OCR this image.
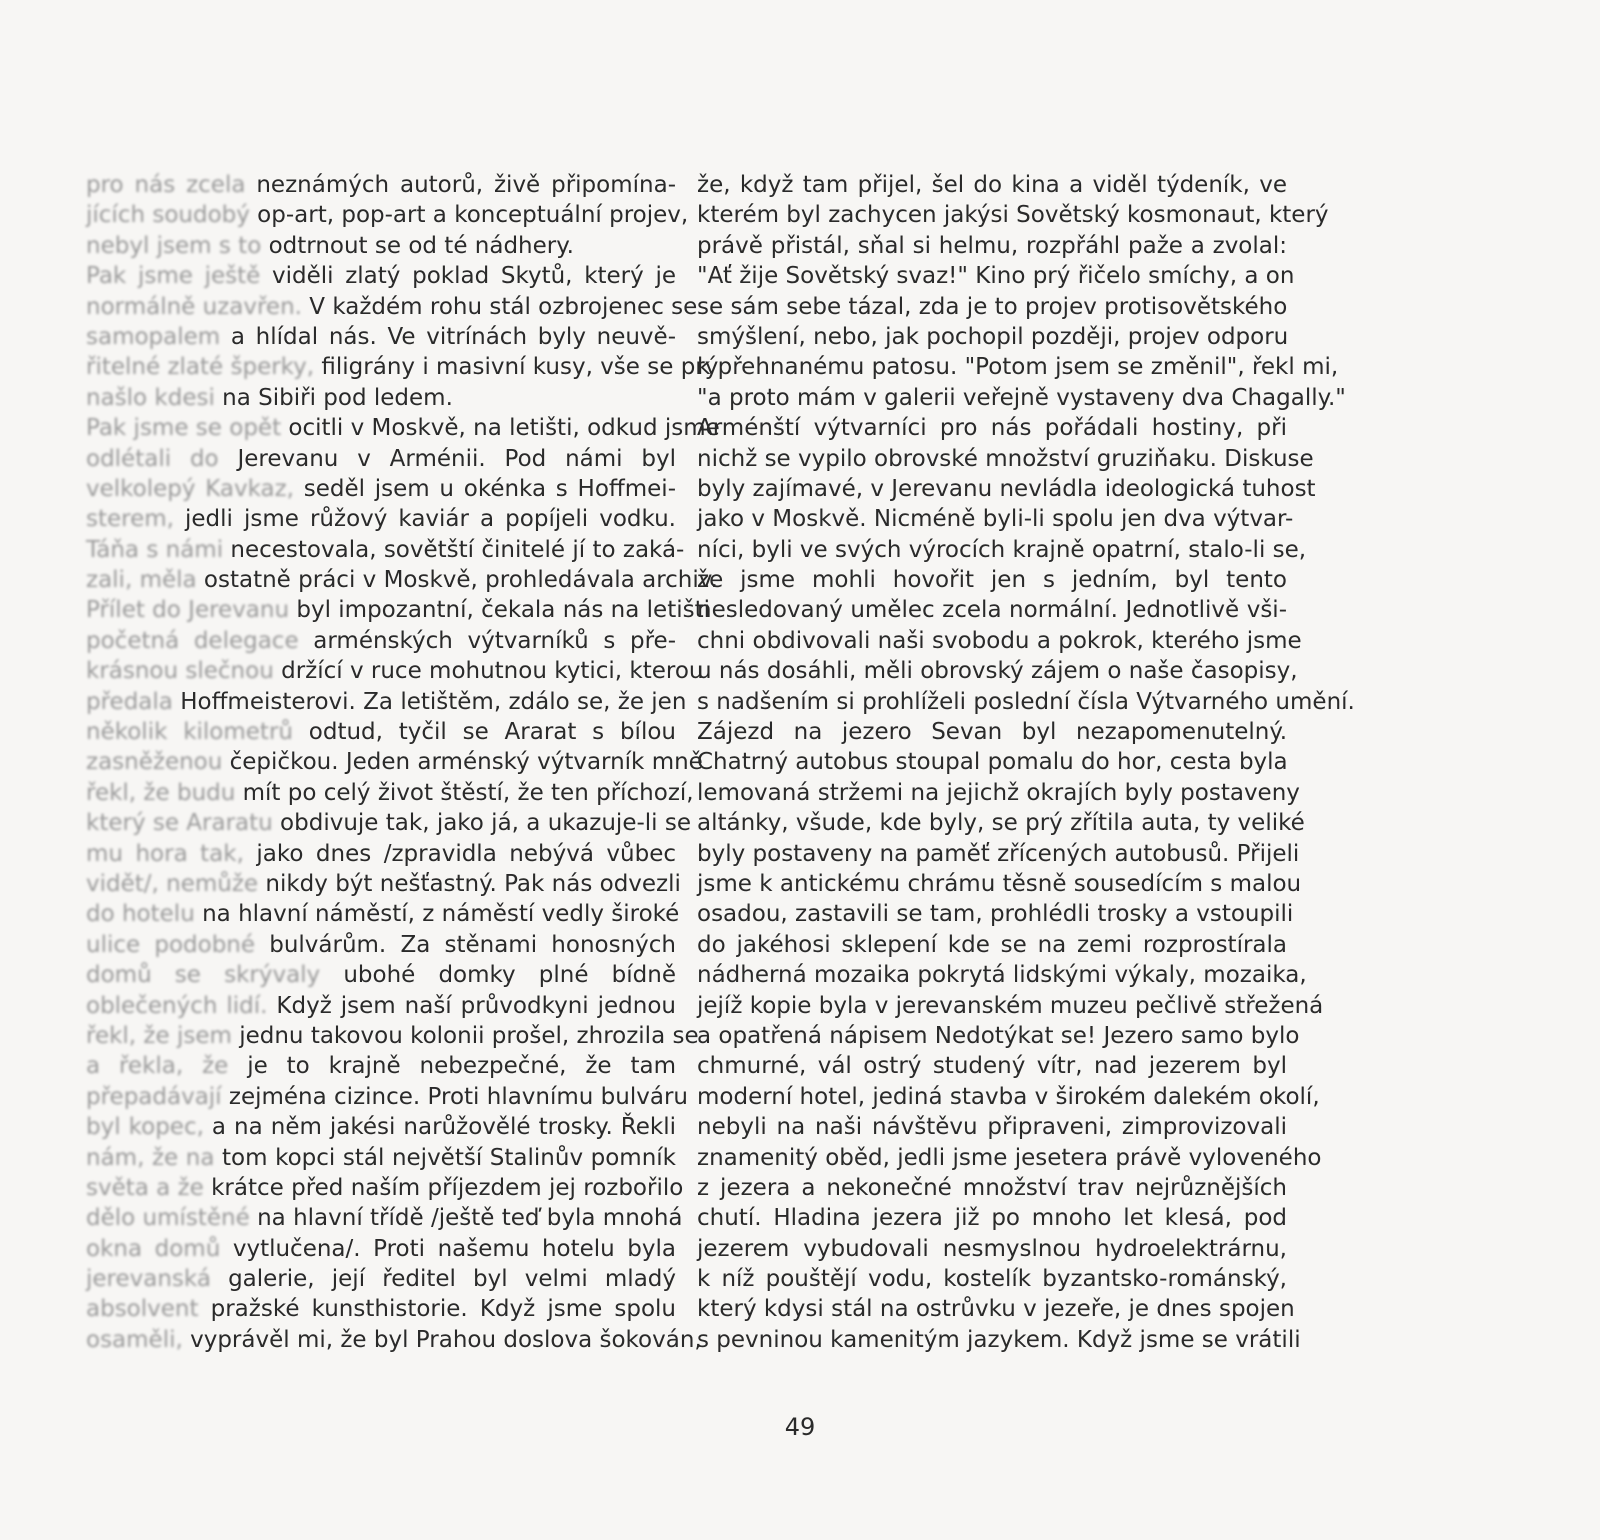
pro nás zcela neznámých autorů, živě připomína-
jících soudobý op-art, pop-art a konceptuální projev,
nebyl jsem s to odtrnout se od té nádhery.
Pak jsme ještě viděli zlatý poklad Skytů, který je
normálně uzavřen. V každém rohu stál ozbrojenec se
samopalem a hlídal nás. Ve vitrínách byly neuvě-
řitelné zlaté šperky, filigrány i masivní kusy, vše se prý
našlo kdesi na Sibiři pod ledem.
Pak jsme se opět ocitli v Moskvě, na letišti, odkud jsme
odlétali do Jerevanu v Arménii. Pod námi byl
velkolepý Kavkaz, seděl jsem u okénka s Hoffmei-
sterem, jedli jsme růžový kaviár a popíjeli vodku.
Táňa s námi necestovala, sovětští činitelé jí to zaká-
zali, měla ostatně práci v Moskvě, prohledávala archiv.
Přílet do Jerevanu byl impozantní, čekala nás na letišti
početná delegace arménských výtvarníků s pře-
krásnou slečnou držící v ruce mohutnou kytici, kterou
předala Hoffmeisterovi. Za letištěm, zdálo se, že jen
několik kilometrů odtud, tyčil se Ararat s bílou
zasněženou čepičkou. Jeden arménský výtvarník mně
řekl, že budu mít po celý život štěstí, že ten příchozí,
který se Araratu obdivuje tak, jako já, a ukazuje-li se
mu hora tak, jako dnes /zpravidla nebývá vůbec
vidět/, nemůže nikdy být nešťastný. Pak nás odvezli
do hotelu na hlavní náměstí, z náměstí vedly široké
ulice podobné bulvárům. Za stěnami honosných
domů se skrývaly ubohé domky plné bídně
oblečených lidí. Když jsem naší průvodkyni jednou
řekl, že jsem jednu takovou kolonii prošel, zhrozila se
a řekla, že je to krajně nebezpečné, že tam
přepadávají zejména cizince. Proti hlavnímu bulváru
byl kopec, a na něm jakési narůžovělé trosky. Řekli
nám, že na tom kopci stál největší Stalinův pomník
světa a že krátce před naším příjezdem jej rozbořilo
dělo umístěné na hlavní třídě /ještě teď byla mnohá
okna domů vytlučena/. Proti našemu hotelu byla
jerevanská galerie, její ředitel byl velmi mladý
absolvent pražské kunsthistorie. Když jsme spolu
osaměli, vyprávěl mi, že byl Prahou doslova šokován,
že, když tam přijel, šel do kina a viděl týdeník, ve
kterém byl zachycen jakýsi Sovětský kosmonaut, který
právě přistál, sňal si helmu, rozpřáhl paže a zvolal:
"Ať žije Sovětský svaz!" Kino prý řičelo smíchy, a on
se sám sebe tázal, zda je to projev protisovětského
smýšlení, nebo, jak pochopil později, projev odporu
k přehnanému patosu. "Potom jsem se změnil", řekl mi,
"a proto mám v galerii veřejně vystaveny dva Chagally."
Arménští výtvarníci pro nás pořádali hostiny, při
nichž se vypilo obrovské množství gruziňaku. Diskuse
byly zajímavé, v Jerevanu nevládla ideologická tuhost
jako v Moskvě. Nicméně byli-li spolu jen dva výtvar-
níci, byli ve svých výrocích krajně opatrní, stalo-li se,
že jsme mohli hovořit jen s jedním, byl tento
nesledovaný umělec zcela normální. Jednotlivě vši-
chni obdivovali naši svobodu a pokrok, kterého jsme
u nás dosáhli, měli obrovský zájem o naše časopisy,
s nadšením si prohlíželi poslední čísla Výtvarného umění.
Zájezd na jezero Sevan byl nezapomenutelný.
Chatrný autobus stoupal pomalu do hor, cesta byla
lemovaná stržemi na jejichž okrajích byly postaveny
altánky, všude, kde byly, se prý zřítila auta, ty veliké
byly postaveny na paměť zřícených autobusů. Přijeli
jsme k antickému chrámu těsně sousedícím s malou
osadou, zastavili se tam, prohlédli trosky a vstoupili
do jakéhosi sklepení kde se na zemi rozprostírala
nádherná mozaika pokrytá lidskými výkaly, mozaika,
jejíž kopie byla v jerevanském muzeu pečlivě střežená
a opatřená nápisem Nedotýkat se! Jezero samo bylo
chmurné, vál ostrý studený vítr, nad jezerem byl
moderní hotel, jediná stavba v širokém dalekém okolí,
nebyli na naši návštěvu připraveni, zimprovizovali
znamenitý oběd, jedli jsme jesetera právě vyloveného
z jezera a nekonečné množství trav nejrůznějších
chutí. Hladina jezera již po mnoho let klesá, pod
jezerem vybudovali nesmyslnou hydroelektrárnu,
k níž pouštějí vodu, kostelík byzantsko-románský,
který kdysi stál na ostrůvku v jezeře, je dnes spojen
s pevninou kamenitým jazykem. Když jsme se vrátili
49
